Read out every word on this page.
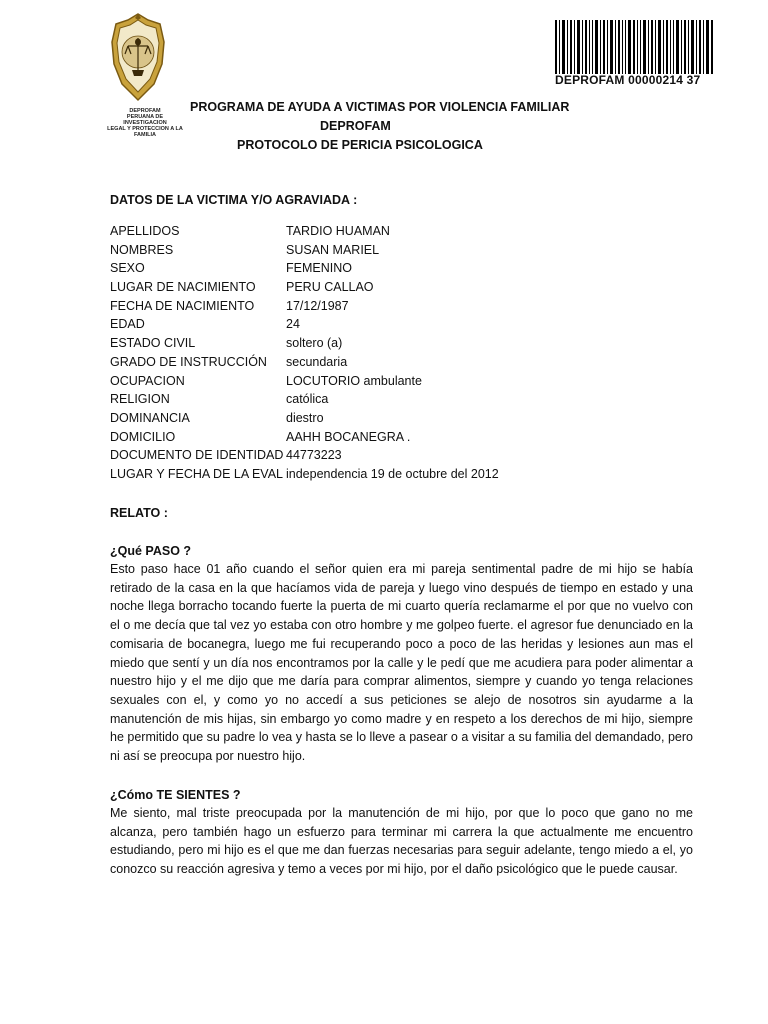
DEPROFAM
PERUANA DE INVESTIGACION
LEGAL Y PROTECCION A LA
FAMILIA
DEPROFAM 00000214 37
PROGRAMA DE AYUDA A VICTIMAS POR VIOLENCIA FAMILIAR
DEPROFAM
PROTOCOLO DE PERICIA PSICOLOGICA
DATOS DE LA VICTIMA Y/O AGRAVIADA :
APELLIDOS	TARDIO HUAMAN
NOMBRES	SUSAN MARIEL
SEXO	FEMENINO
LUGAR DE NACIMIENTO PERU CALLAO
FECHA DE NACIMIENTO	17/12/1987
EDAD	24
ESTADO CIVIL	soltero (a)
GRADO DE INSTRUCCIÓN secundaria
OCUPACION	LOCUTORIO ambulante
RELIGION	católica
DOMINANCIA	diestro
DOMICILIO	AAHH BOCANEGRA .
DOCUMENTO DE IDENTIDAD 44773223
LUGAR Y FECHA DE LA EVAL independencia 19 de octubre del 2012
RELATO :
¿Qué PASO ?
Esto paso hace 01 año cuando el señor quien era mi pareja sentimental padre de mi hijo se había retirado de la casa en la que hacíamos vida de pareja y luego vino después de tiempo en estado y una noche llega borracho tocando fuerte la puerta de mi cuarto quería reclamarme el por que no vuelvo con el o me decía que tal vez yo estaba con otro hombre y me golpeo fuerte. el agresor fue denunciado en la comisaria de bocanegra, luego me fui recuperando poco a poco de las heridas y lesiones aun mas el miedo que sentí y un día nos encontramos por la calle y le pedí que me acudiera para poder alimentar a nuestro hijo y el me dijo que me daría para comprar alimentos, siempre y cuando yo tenga relaciones sexuales con el, y como yo no accedí a sus peticiones se alejo de nosotros sin ayudarme a la manutención de mis hijas, sin embargo yo como madre y en respeto a los derechos de mi hijo, siempre he permitido que su padre lo vea y hasta se lo lleve a pasear o a visitar a su familia del demandado, pero ni así se preocupa por nuestro hijo.
¿Cómo TE SIENTES ?
Me siento, mal triste preocupada por la manutención de mi hijo, por que lo poco que gano no me alcanza, pero también hago un esfuerzo para terminar mi carrera la que actualmente me encuentro estudiando, pero mi hijo es el que me dan fuerzas necesarias para seguir adelante, tengo miedo a el, yo conozco su reacción agresiva y temo a veces por mi hijo, por el daño psicológico que le puede causar.
